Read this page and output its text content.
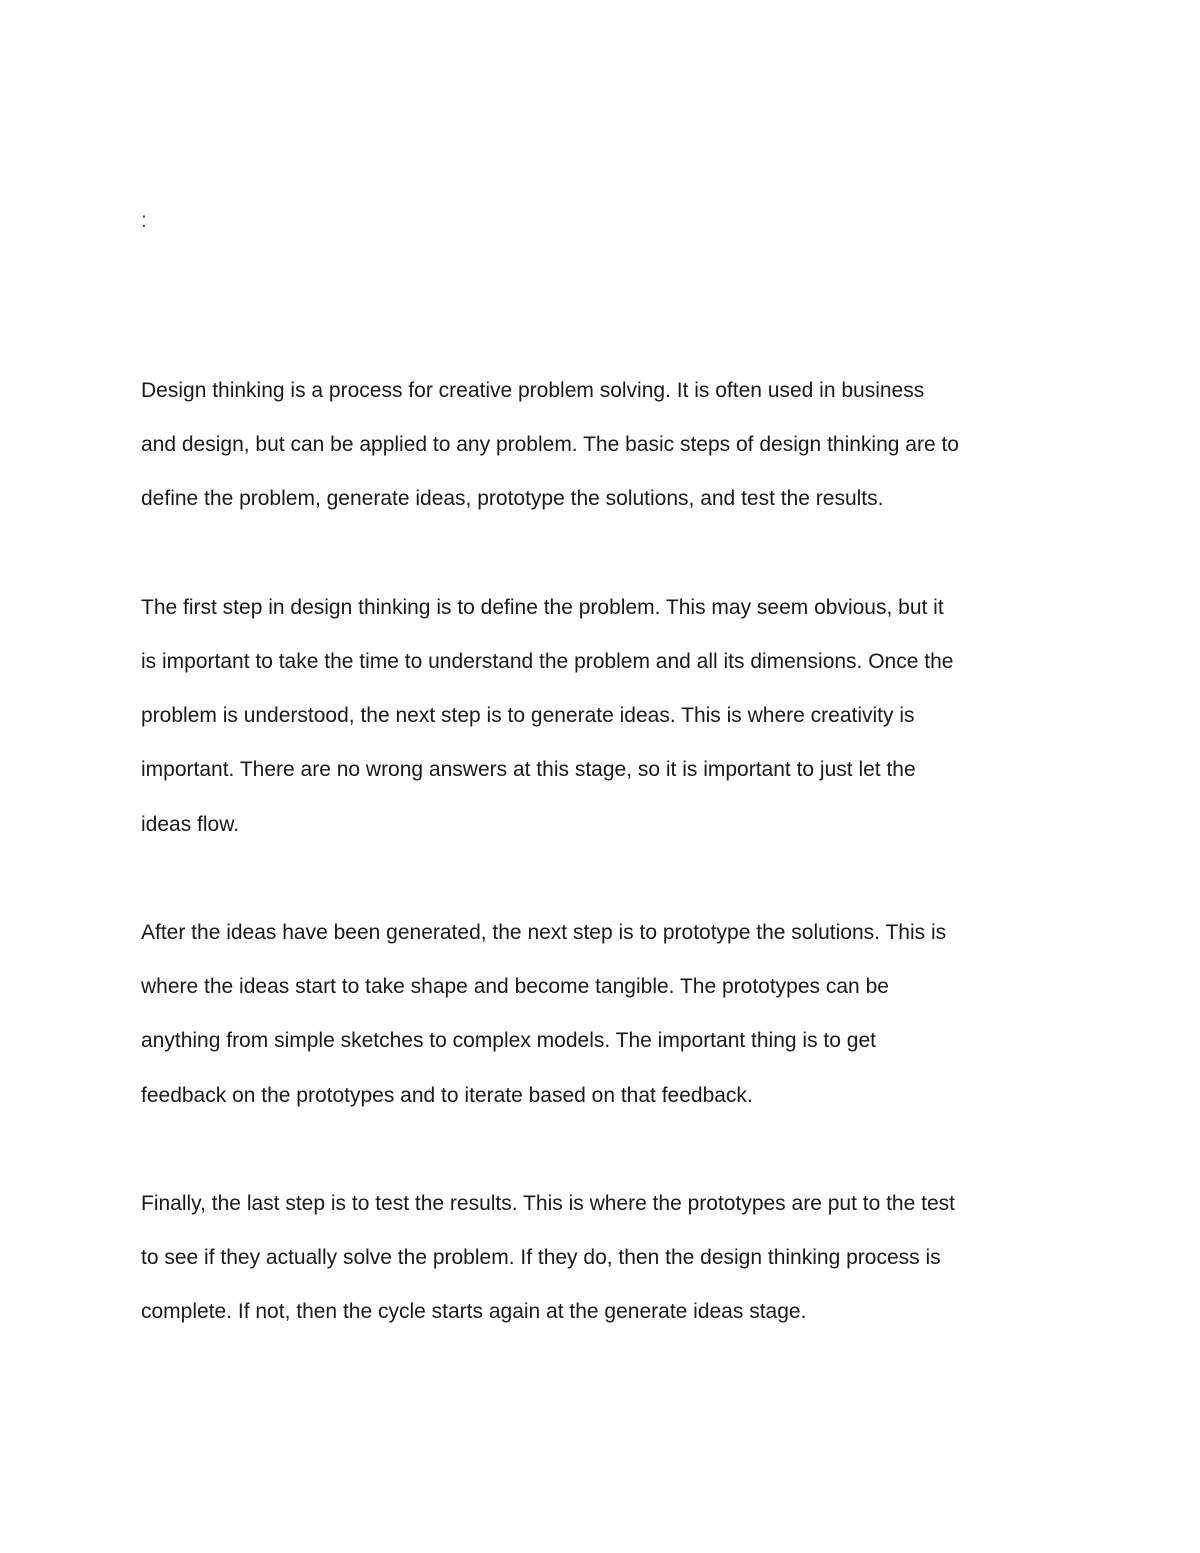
:

Design thinking is a process for creative problem solving. It is often used in business
and design, but can be applied to any problem. The basic steps of design thinking are to
define the problem, generate ideas, prototype the solutions, and test the results.

The first step in design thinking is to define the problem. This may seem obvious, but it
is important to take the time to understand the problem and all its dimensions. Once the
problem is understood, the next step is to generate ideas. This is where creativity is
important. There are no wrong answers at this stage, so it is important to just let the
ideas flow.

After the ideas have been generated, the next step is to prototype the solutions. This is
where the ideas start to take shape and become tangible. The prototypes can be
anything from simple sketches to complex models. The important thing is to get
feedback on the prototypes and to iterate based on that feedback.

Finally, the last step is to test the results. This is where the prototypes are put to the test
to see if they actually solve the problem. If they do, then the design thinking process is
complete. If not, then the cycle starts again at the generate ideas stage.
